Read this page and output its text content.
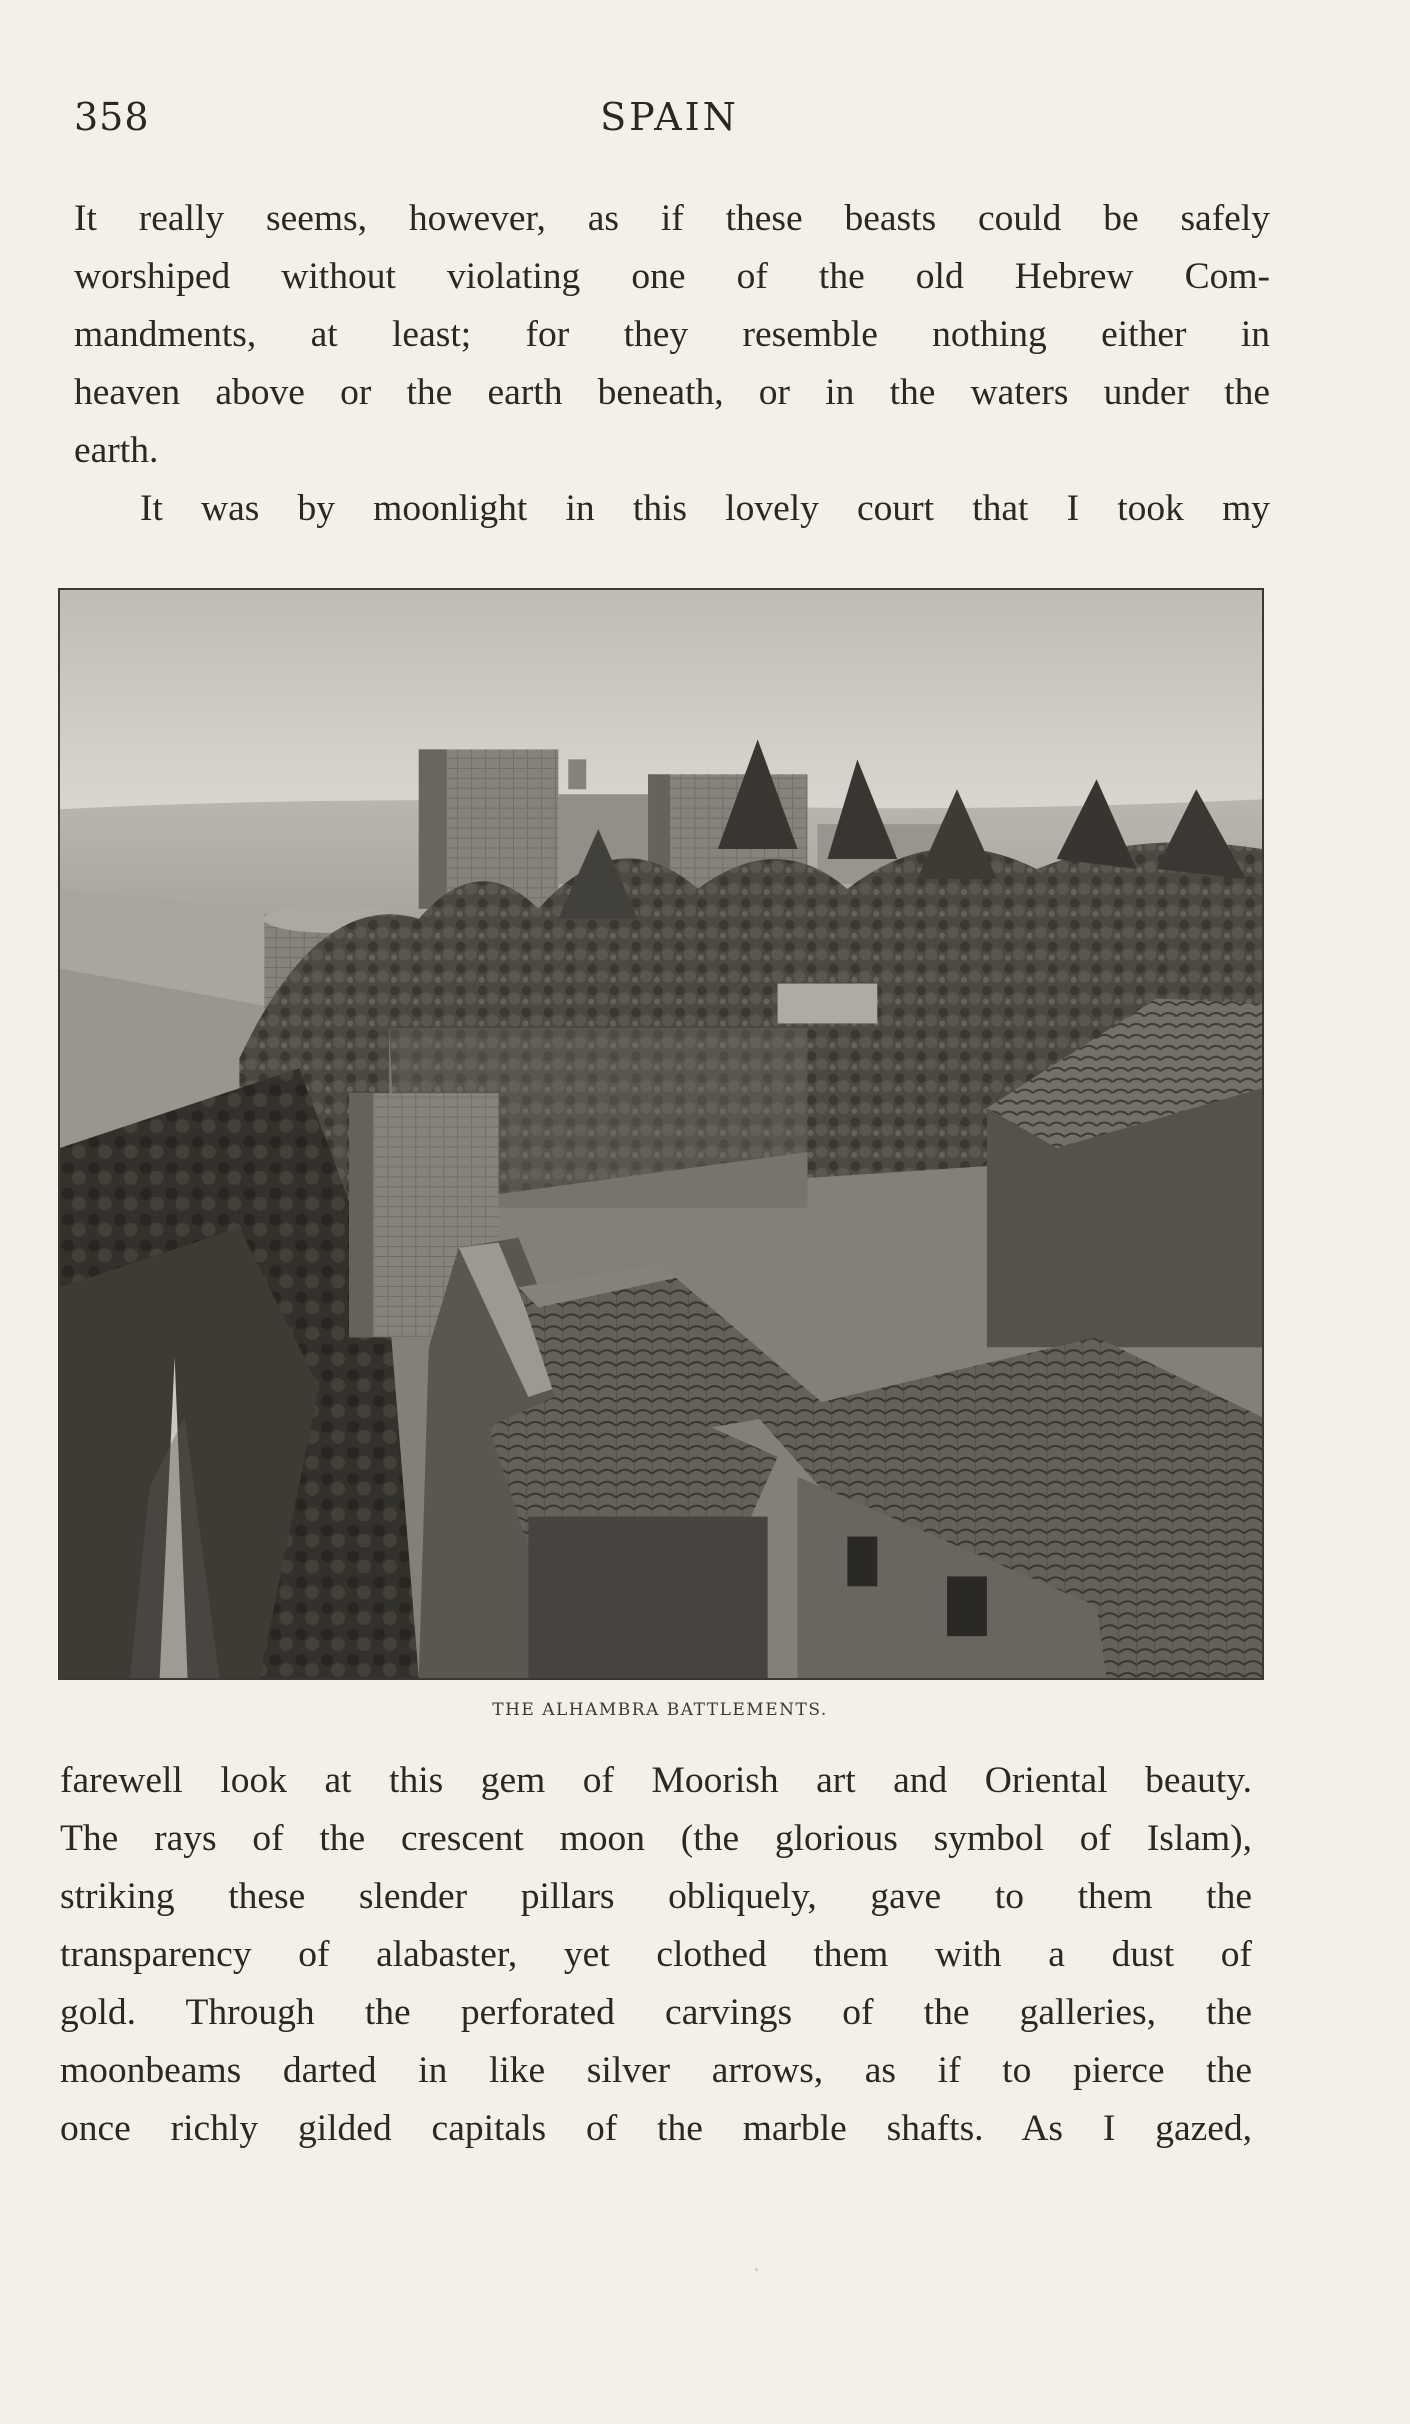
358	SPAIN
It really seems, however, as if these beasts could be safely
worshiped without violating one of the old Hebrew Com-
mandments, at least; for they resemble nothing either in
heaven above or the earth beneath, or in the waters under the
earth.
It was by moonlight in this lovely court that I took my
THE ALHAMBRA BATTLEMENTS.
farewell look at this gem of Moorish art and Oriental beauty.
The rays of the crescent moon (the glorious symbol of Islam),
striking these slender pillars obliquely, gave to them the
transparency of alabaster, yet clothed them with a dust of
gold. Through the perforated carvings of the galleries, the
moonbeams darted in like silver arrows, as if to pierce the
once richly gilded capitals of the marble shafts. As I gazed,
